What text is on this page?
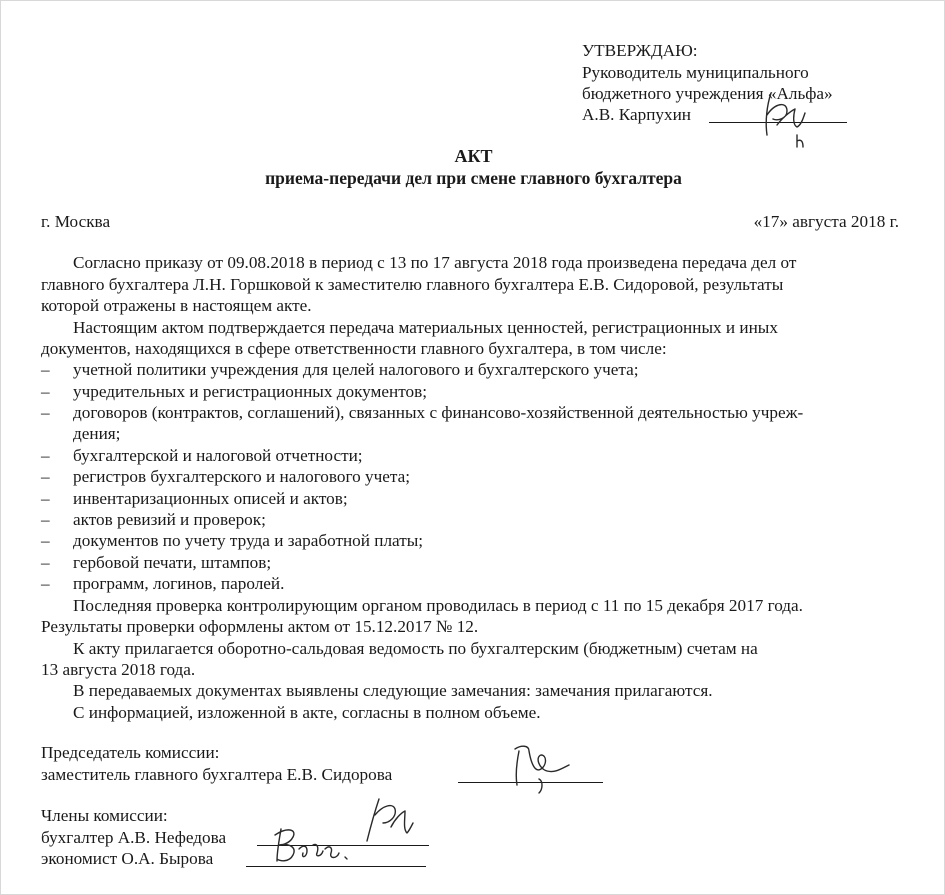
УТВЕРЖДАЮ:
Руководитель муниципального
бюджетного учреждения «Альфа»
А.В. Карпухин
АКТ
приема-передачи дел при смене главного бухгалтера
г. Москва	«17» августа 2018 г.
Согласно приказу от 09.08.2018 в период с 13 по 17 августа 2018 года произведена передача дел от
главного бухгалтера Л.Н. Горшковой к заместителю главного бухгалтера Е.В. Сидоровой, результаты
которой отражены в настоящем акте.
Настоящим актом подтверждается передача материальных ценностей, регистрационных и иных
документов, находящихся в сфере ответственности главного бухгалтера, в том числе:
– учетной политики учреждения для целей налогового и бухгалтерского учета;
– учредительных и регистрационных документов;
– договоров (контрактов, соглашений), связанных с финансово-хозяйственной деятельностью учреж-
дения;
– бухгалтерской и налоговой отчетности;
– регистров бухгалтерского и налогового учета;
– инвентаризационных описей и актов;
– актов ревизий и проверок;
– документов по учету труда и заработной платы;
– гербовой печати, штампов;
– программ, логинов, паролей.
Последняя проверка контролирующим органом проводилась в период с 11 по 15 декабря 2017 года.
Результаты проверки оформлены актом от 15.12.2017 № 12.
К акту прилагается оборотно-сальдовая ведомость по бухгалтерским (бюджетным) счетам на
13 августа 2018 года.
В передаваемых документах выявлены следующие замечания: замечания прилагаются.
С информацией, изложенной в акте, согласны в полном объеме.
Председатель комиссии:
заместитель главного бухгалтера Е.В. Сидорова
Члены комиссии:
бухгалтер А.В. Нефедова
экономист О.А. Бырова
